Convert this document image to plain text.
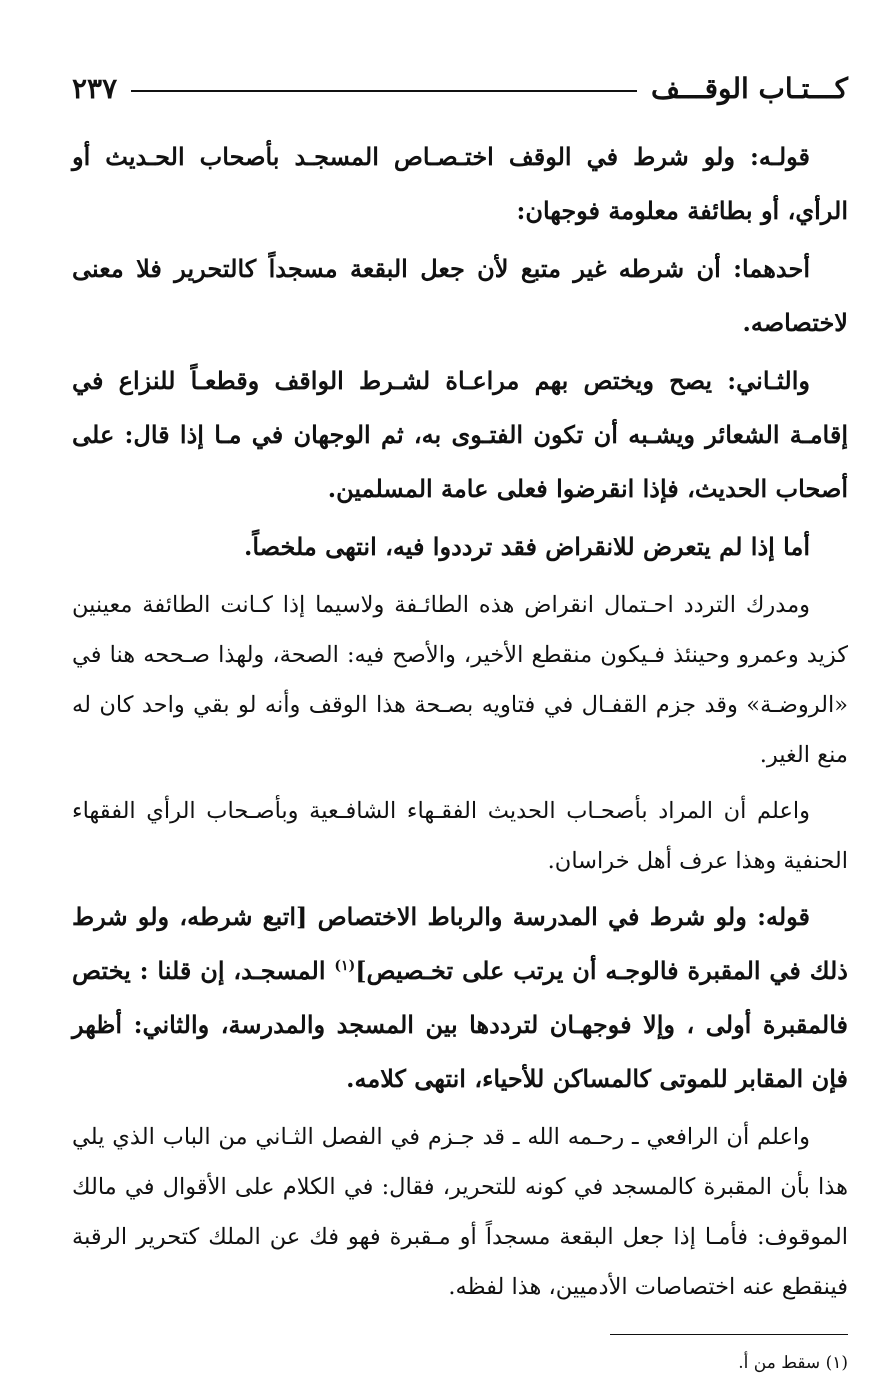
كـــتـاب الوقـــف
٢٣٧

قولـه: ولو شرط في الوقف اختـصـاص المسجـد بأصحاب الحـديث أو الرأي، أو بطائفة معلومة فوجهان:

أحدهما: أن شرطه غير متبع لأن جعل البقعة مسجداً كالتحرير فلا معنى لاختصاصه.

والثـاني: يصح ويختص بهم مراعـاة لشـرط الواقف وقطعـاً للنزاع في إقامـة الشعائر ويشـبه أن تكون الفتـوى به، ثم الوجهان في مـا إذا قال: على أصحاب الحديث، فإذا انقرضوا فعلى عامة المسلمين.

أما إذا لم يتعرض للانقراض فقد ترددوا فيه، انتهى ملخصاً.

ومدرك التردد احـتمال انقراض هذه الطائـفة ولاسيما إذا كـانت الطائفة معينين كزيد وعمرو وحينئذ فـيكون منقطع الأخير، والأصح فيه: الصحة، ولهذا صـححه هنا في «الروضـة» وقد جزم القفـال في فتاويه بصـحة هذا الوقف وأنه لو بقي واحد كان له منع الغير.

واعلم أن المراد بأصحـاب الحديث الفقـهاء الشافـعية وبأصـحاب الرأي الفقهاء الحنفية وهذا عرف أهل خراسان.

قوله: ولو شرط في المدرسة والرباط الاختصاص [اتبع شرطه، ولو شرط ذلك في المقبرة فالوجـه أن يرتب على تخـصيص]$^{(١)}$ المسجـد، إن قلنا : يختص فالمقبرة أولى ، وإلا فوجهـان لترددها بين المسجد والمدرسة، والثاني: أظهر فإن المقابر للموتى كالمساكن للأحياء، انتهى كلامه.

واعلم أن الرافعي ـ رحـمه الله ـ قد جـزم في الفصل الثـاني من الباب الذي يلي هذا بأن المقبرة كالمسجد في كونه للتحرير، فقال: في الكلام على الأقوال في مالك الموقوف: فأمـا إذا جعل البقعة مسجداً أو مـقبرة فهو فك عن الملك كتحرير الرقبة فينقطع عنه اختصاصات الأدميين، هذا لفظه.

(١) سقط من أ.
